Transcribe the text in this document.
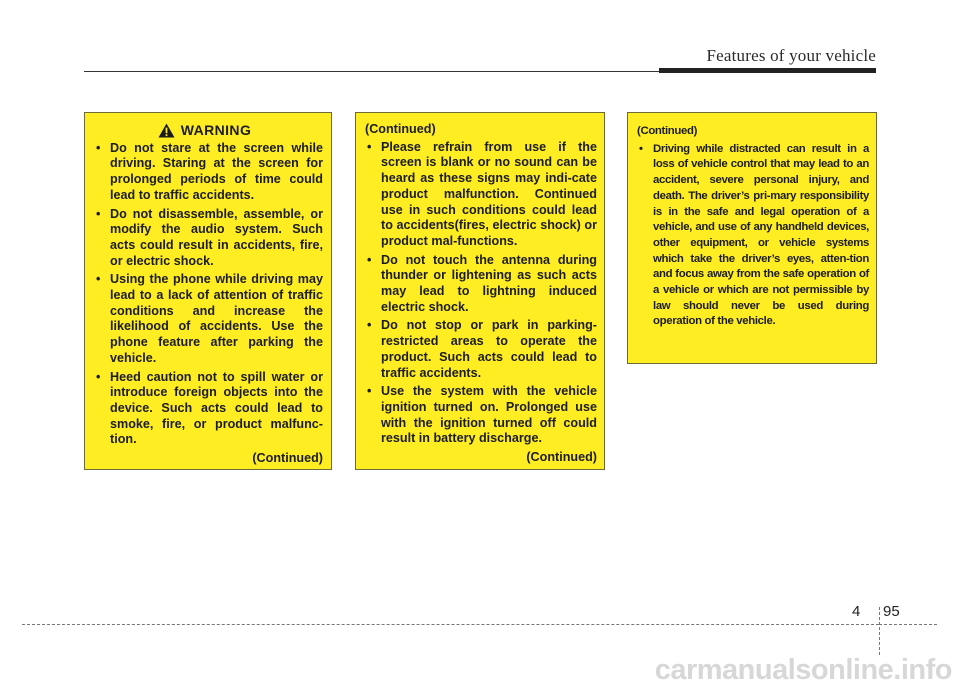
Features of your vehicle
WARNING
• Do not stare at the screen while driving. Staring at the screen for prolonged periods of time could lead to traffic accidents.
• Do not disassemble, assemble, or modify the audio system. Such acts could result in accidents, fire, or electric shock.
• Using the phone while driving may lead to a lack of attention of traffic conditions and increase the likelihood of accidents. Use the phone feature after parking the vehicle.
• Heed caution not to spill water or introduce foreign objects into the device. Such acts could lead to smoke, fire, or product malfunc-tion.
(Continued)
(Continued)
• Please refrain from use if the screen is blank or no sound can be heard as these signs may indi-cate product malfunction. Continued use in such conditions could lead to accidents(fires, electric shock) or product mal-functions.
• Do not touch the antenna during thunder or lightening as such acts may lead to lightning induced electric shock.
• Do not stop or park in parking-restricted areas to operate the product. Such acts could lead to traffic accidents.
• Use the system with the vehicle ignition turned on. Prolonged use with the ignition turned off could result in battery discharge.
(Continued)
(Continued)
• Driving while distracted can result in a loss of vehicle control that may lead to an accident, severe personal injury, and death. The driver’s pri-mary responsibility is in the safe and legal operation of a vehicle, and use of any handheld devices, other equipment, or vehicle systems which take the driver’s eyes, atten-tion and focus away from the safe operation of a vehicle or which are not permissible by law should never be used during operation of the vehicle.
4 95
carmanualsonline.info
